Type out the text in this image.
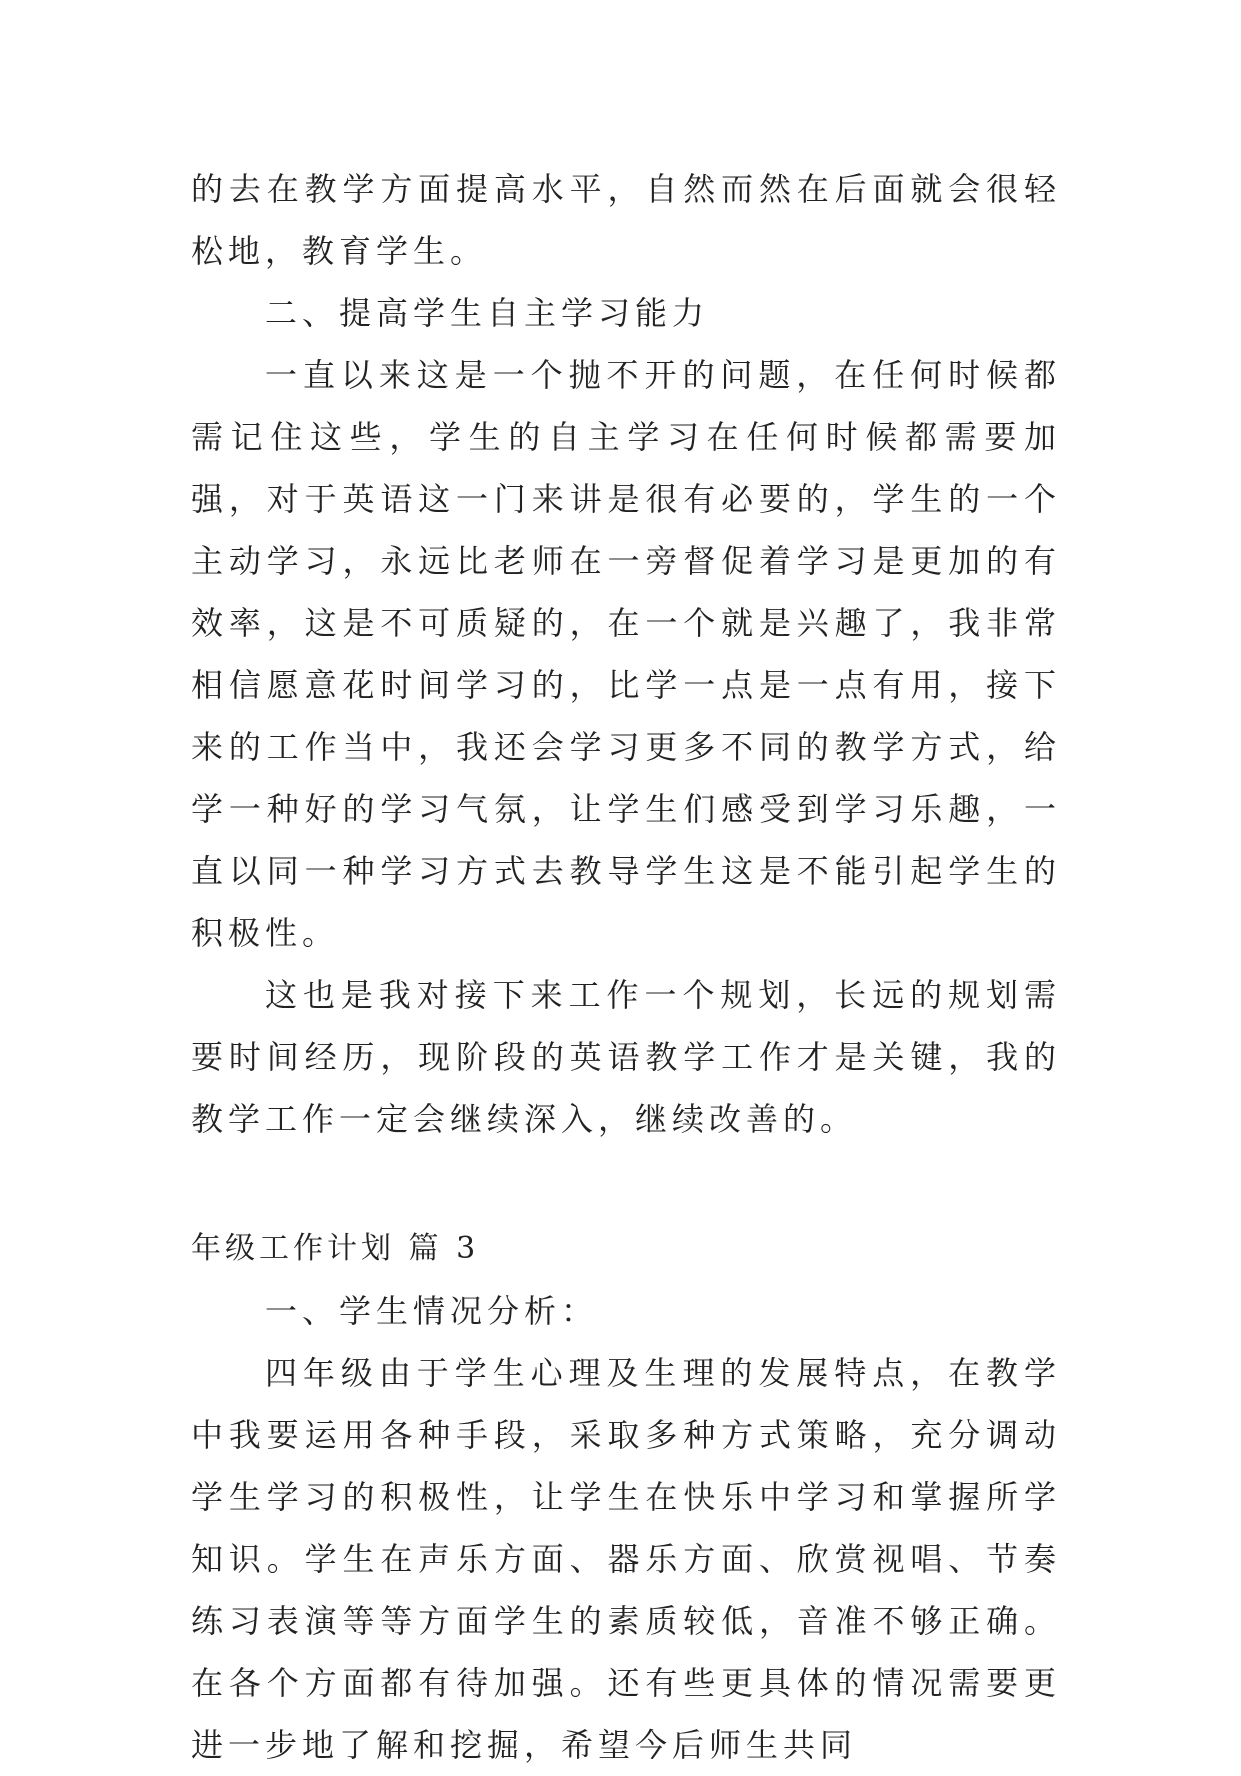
的去在教学方面提高水平，自然而然在后面就会很轻松地，教育学生。

二、提高学生自主学习能力

一直以来这是一个抛不开的问题，在任何时候都需记住这些，学生的自主学习在任何时候都需要加强，对于英语这一门来讲是很有必要的，学生的一个主动学习，永远比老师在一旁督促着学习是更加的有效率，这是不可质疑的，在一个就是兴趣了，我非常相信愿意花时间学习的，比学一点是一点有用，接下来的工作当中，我还会学习更多不同的教学方式，给学一种好的学习气氛，让学生们感受到学习乐趣，一直以同一种学习方式去教导学生这是不能引起学生的积极性。

这也是我对接下来工作一个规划，长远的规划需要时间经历，现阶段的英语教学工作才是关键，我的教学工作一定会继续深入，继续改善的。

年级工作计划 篇 3

一、学生情况分析：

四年级由于学生心理及生理的发展特点，在教学中我要运用各种手段，采取多种方式策略，充分调动学生学习的积极性，让学生在快乐中学习和掌握所学知识。学生在声乐方面、器乐方面、欣赏视唱、节奏练习表演等等方面学生的素质较低，音准不够正确。在各个方面都有待加强。还有些更具体的情况需要更进一步地了解和挖掘，希望今后师生共同
